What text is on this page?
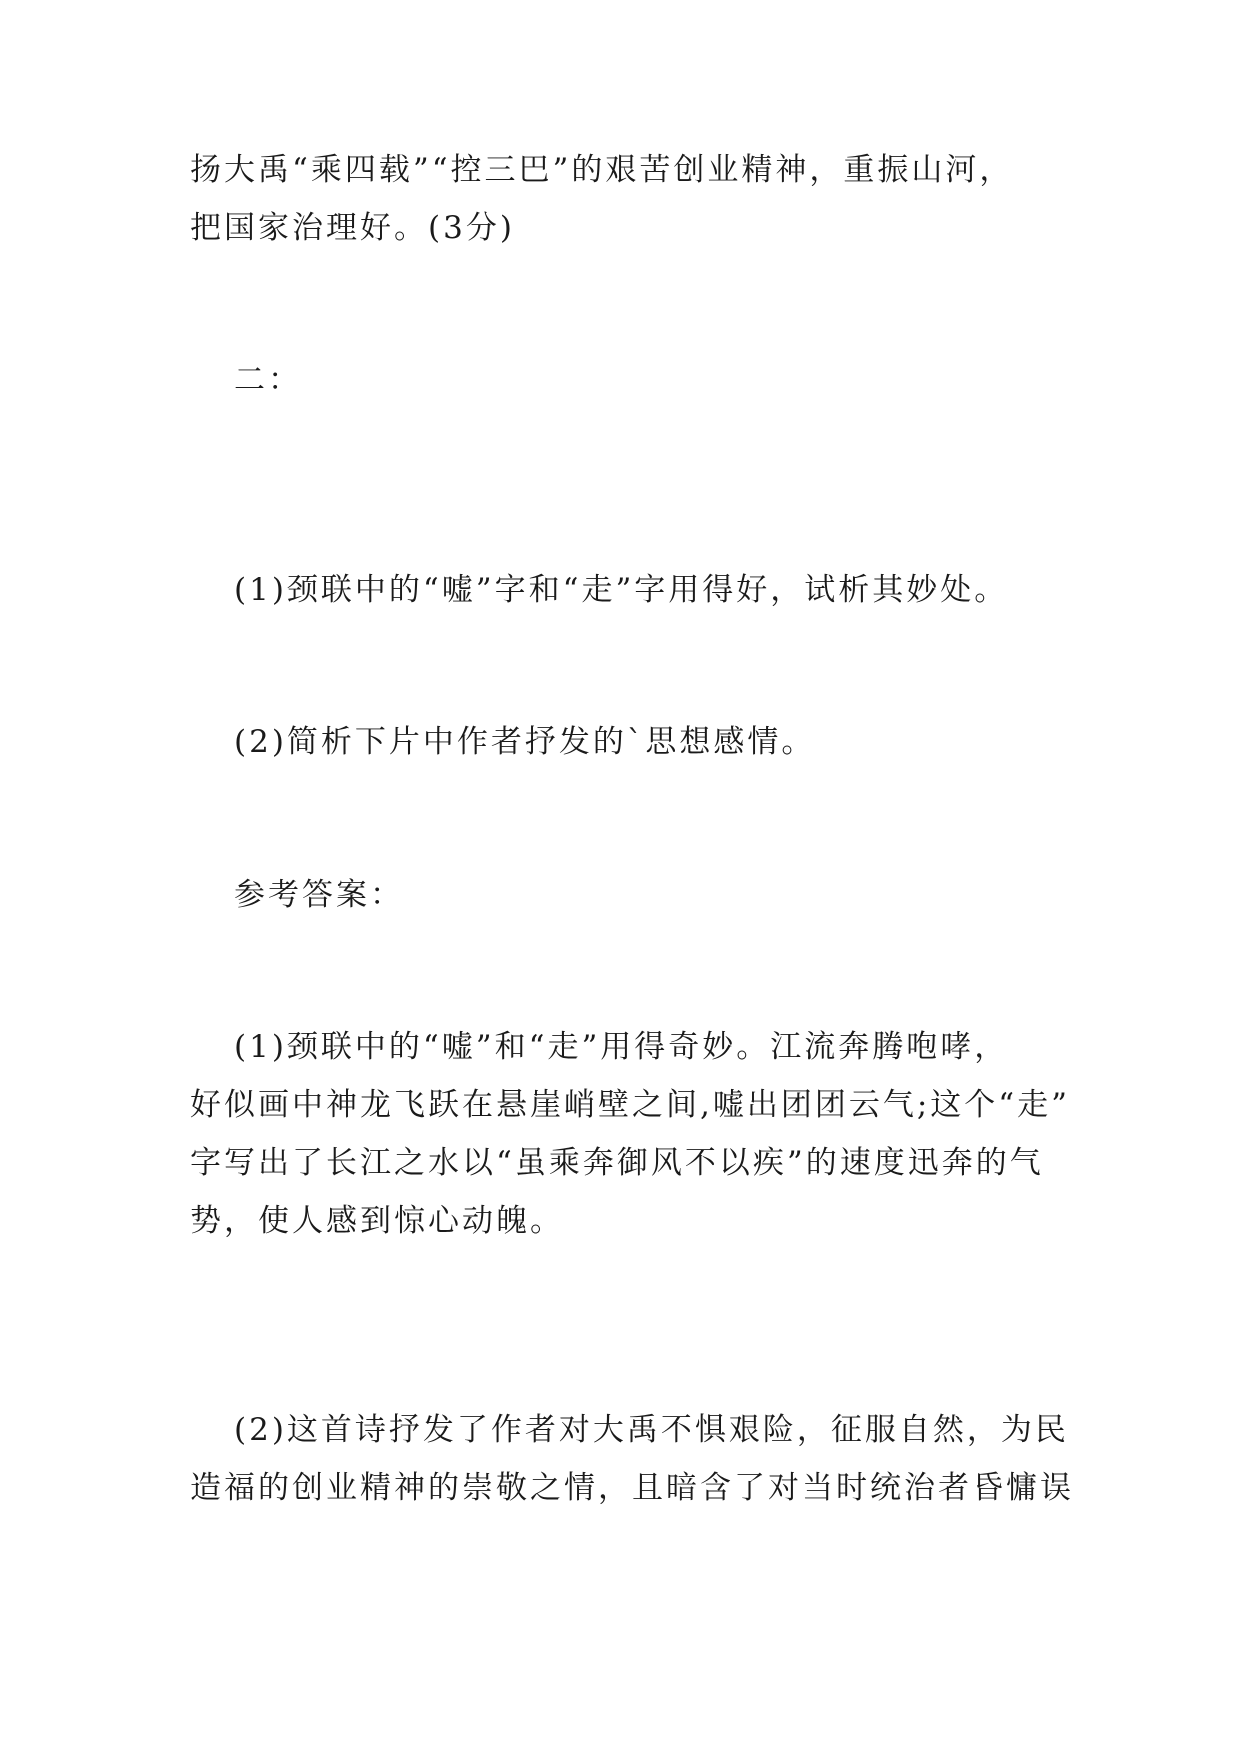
扬大禹“乘四载”“控三巴”的艰苦创业精神，重振山河，
把国家治理好。(3分)

二：

(1)颈联中的“嘘”字和“走”字用得好，试析其妙处。

(2)简析下片中作者抒发的`思想感情。

参考答案：

(1)颈联中的“嘘”和“走”用得奇妙。江流奔腾咆哮，
好似画中神龙飞跃在悬崖峭壁之间,嘘出团团云气;这个“走”
字写出了长江之水以“虽乘奔御风不以疾”的速度迅奔的气
势，使人感到惊心动魄。

(2)这首诗抒发了作者对大禹不惧艰险，征服自然，为民
造福的创业精神的崇敬之情，且暗含了对当时统治者昏慵误
